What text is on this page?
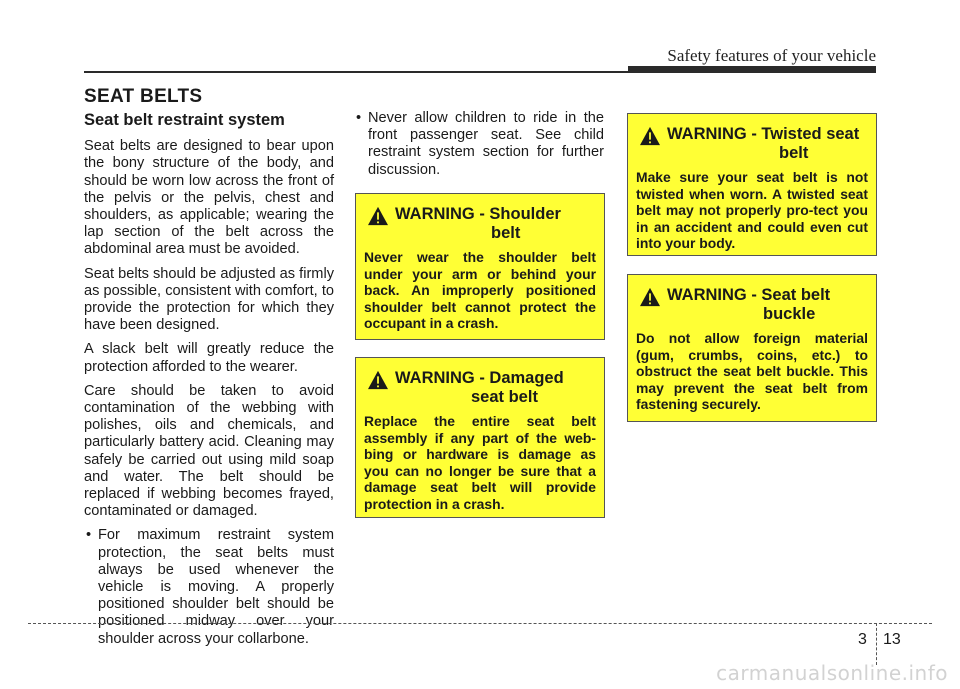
Safety features of your vehicle
SEAT BELTS
Seat belt restraint system

Seat belts are designed to bear upon the bony structure of the body, and should be worn low across the front of the pelvis or the pelvis, chest and shoulders, as applicable; wearing the lap section of the belt across the abdominal area must be avoided.

Seat belts should be adjusted as firmly as possible, consistent with comfort, to provide the protection for which they have been designed.

A slack belt will greatly reduce the protection afforded to the wearer.

Care should be taken to avoid contamination of the webbing with polishes, oils and chemicals, and particularly battery acid. Cleaning may safely be carried out using mild soap and water. The belt should be replaced if webbing becomes frayed, contaminated or damaged.

• For maximum restraint system protection, the seat belts must always be used whenever the vehicle is moving. A properly positioned shoulder belt should be positioned midway over your shoulder across your collarbone.
• Never allow children to ride in the front passenger seat. See child restraint system section for further discussion.
WARNING - Shoulder
belt

Never wear the shoulder belt under your arm or behind your back. An improperly positioned shoulder belt cannot protect the occupant in a crash.

WARNING - Damaged
seat belt

Replace the entire seat belt assembly if any part of the web-bing or hardware is damage as you can no longer be sure that a damage seat belt will provide protection in a crash.

WARNING - Twisted seat
belt

Make sure your seat belt is not twisted when worn. A twisted seat belt may not properly pro-tect you in an accident and could even cut into your body.

WARNING - Seat belt
buckle

Do not allow foreign material (gum, crumbs, coins, etc.) to obstruct the seat belt buckle. This may prevent the seat belt from fastening securely.

3 13
carmanualsonline.info
